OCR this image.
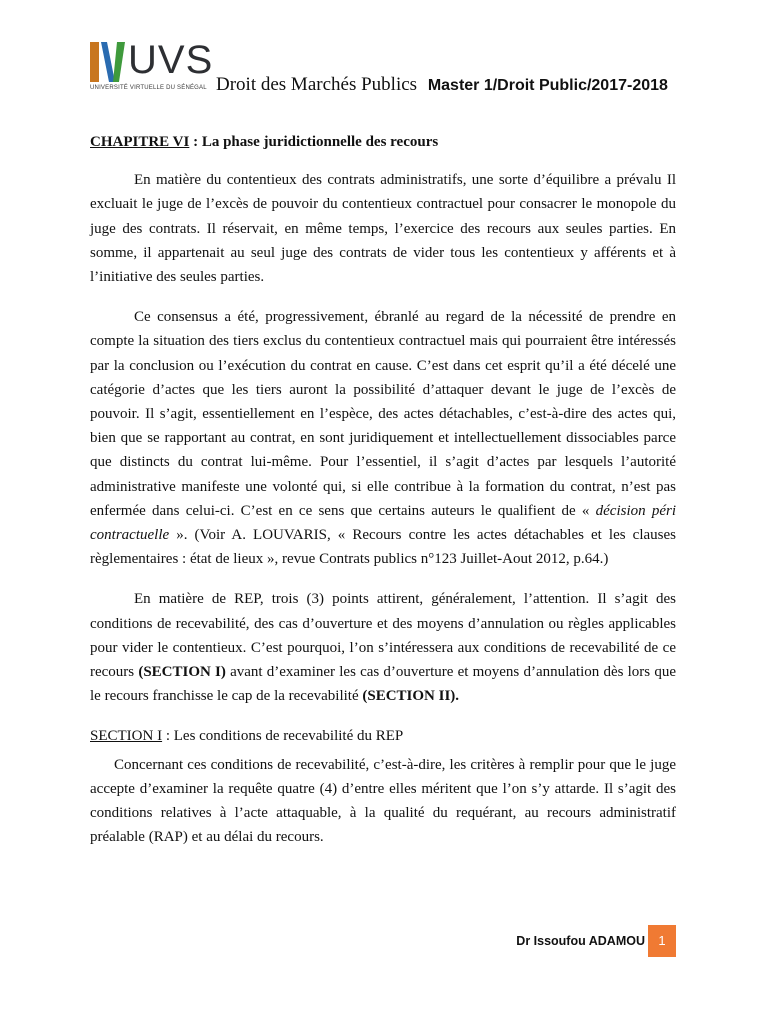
UVS
UNIVERSITÉ VIRTUELLE DU SÉNÉGAL Droit des Marchés Publics Master 1/Droit Public/2017-2018
CHAPITRE VI : La phase juridictionnelle des recours

En matière du contentieux des contrats administratifs, une sorte d’équilibre a prévalu Il excluait le juge de l’excès de pouvoir du contentieux contractuel pour consacrer le monopole du juge des contrats. Il réservait, en même temps, l’exercice des recours aux seules parties. En somme, il appartenait au seul juge des contrats de vider tous les contentieux y afférents et à l’initiative des seules parties.

Ce consensus a été, progressivement, ébranlé au regard de la nécessité de prendre en compte la situation des tiers exclus du contentieux contractuel mais qui pourraient être intéressés par la conclusion ou l’exécution du contrat en cause. C’est dans cet esprit qu’il a été décelé une catégorie d’actes que les tiers auront la possibilité d’attaquer devant le juge de l’excès de pouvoir. Il s’agit, essentiellement en l’espèce, des actes détachables, c’est-à-dire des actes qui, bien que se rapportant au contrat, en sont juridiquement et intellectuellement dissociables parce que distincts du contrat lui-même. Pour l’essentiel, il s’agit d’actes par lesquels l’autorité administrative manifeste une volonté qui, si elle contribue à la formation du contrat, n’est pas enfermée dans celui-ci. C’est en ce sens que certains auteurs le qualifient de « décision péri contractuelle ». (Voir A. LOUVARIS, « Recours contre les actes détachables et les clauses règlementaires : état de lieux », revue Contrats publics n°123 Juillet-Aout 2012, p.64.)

En matière de REP, trois (3) points attirent, généralement, l’attention. Il s’agit des conditions de recevabilité, des cas d’ouverture et des moyens d’annulation ou règles applicables pour vider le contentieux. C’est pourquoi, l’on s’intéressera aux conditions de recevabilité de ce recours (SECTION I) avant d’examiner les cas d’ouverture et moyens d’annulation dès lors que le recours franchisse le cap de la recevabilité (SECTION II).

SECTION I : Les conditions de recevabilité du REP

Concernant ces conditions de recevabilité, c’est-à-dire, les critères à remplir pour que le juge accepte d’examiner la requête quatre (4) d’entre elles méritent que l’on s’y attarde. Il s’agit des conditions relatives à l’acte attaquable, à la qualité du requérant, au recours administratif préalable (RAP) et au délai du recours.

Dr Issoufou ADAMOU	1
